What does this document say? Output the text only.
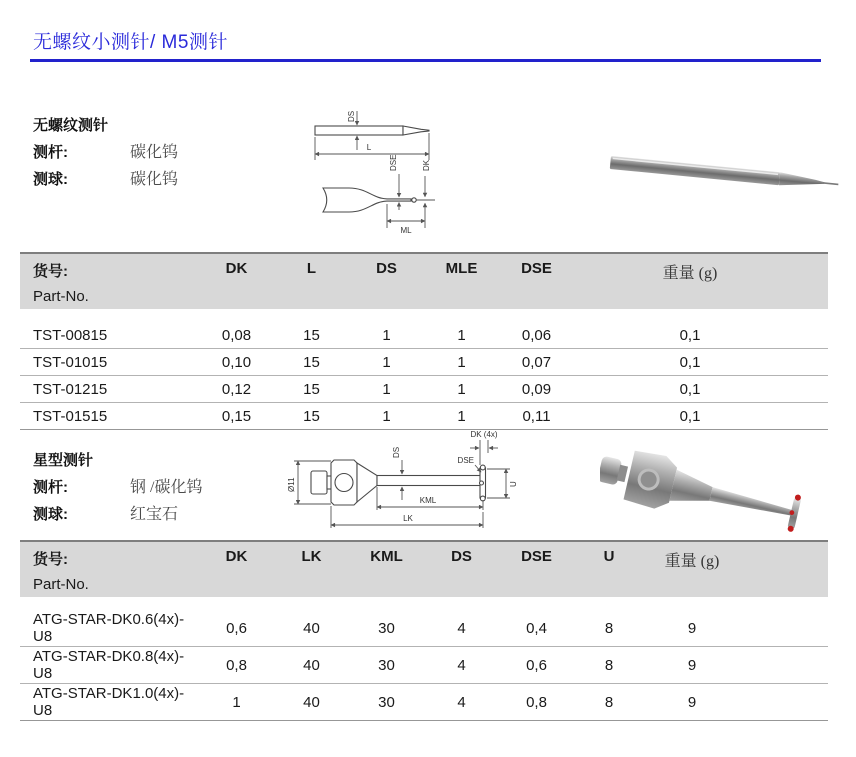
无螺纹小测针/ M5测针
无螺纹测针
测杆:	碳化钨
测球:	碳化钨
DS
L
DSE	DK
ML
货号:
Part-No.	DK	L	DS	MLE	DSE	重量 (g)	

TST-00815	0,08	15	1	1	0,06	0,1	
TST-01015	0,10	15	1	1	0,07	0,1	
TST-01215	0,12	15	1	1	0,09	0,1	
TST-01515	0,15	15	1	1	0,11	0,1	
星型测针
测杆:	钢 /碳化钨
测球:	红宝石
Ø11
DS
DK (4x)
DSE
U
KML
LK
货号:
Part-No.	DK	LK	KML	DS	DSE	U	重量 (g)	

ATG-STAR-DK0.6(4x)-U8	0,6	40	30	4	0,4	8	9	
ATG-STAR-DK0.8(4x)-U8	0,8	40	30	4	0,6	8	9	
ATG-STAR-DK1.0(4x)-U8	1	40	30	4	0,8	8	9	
